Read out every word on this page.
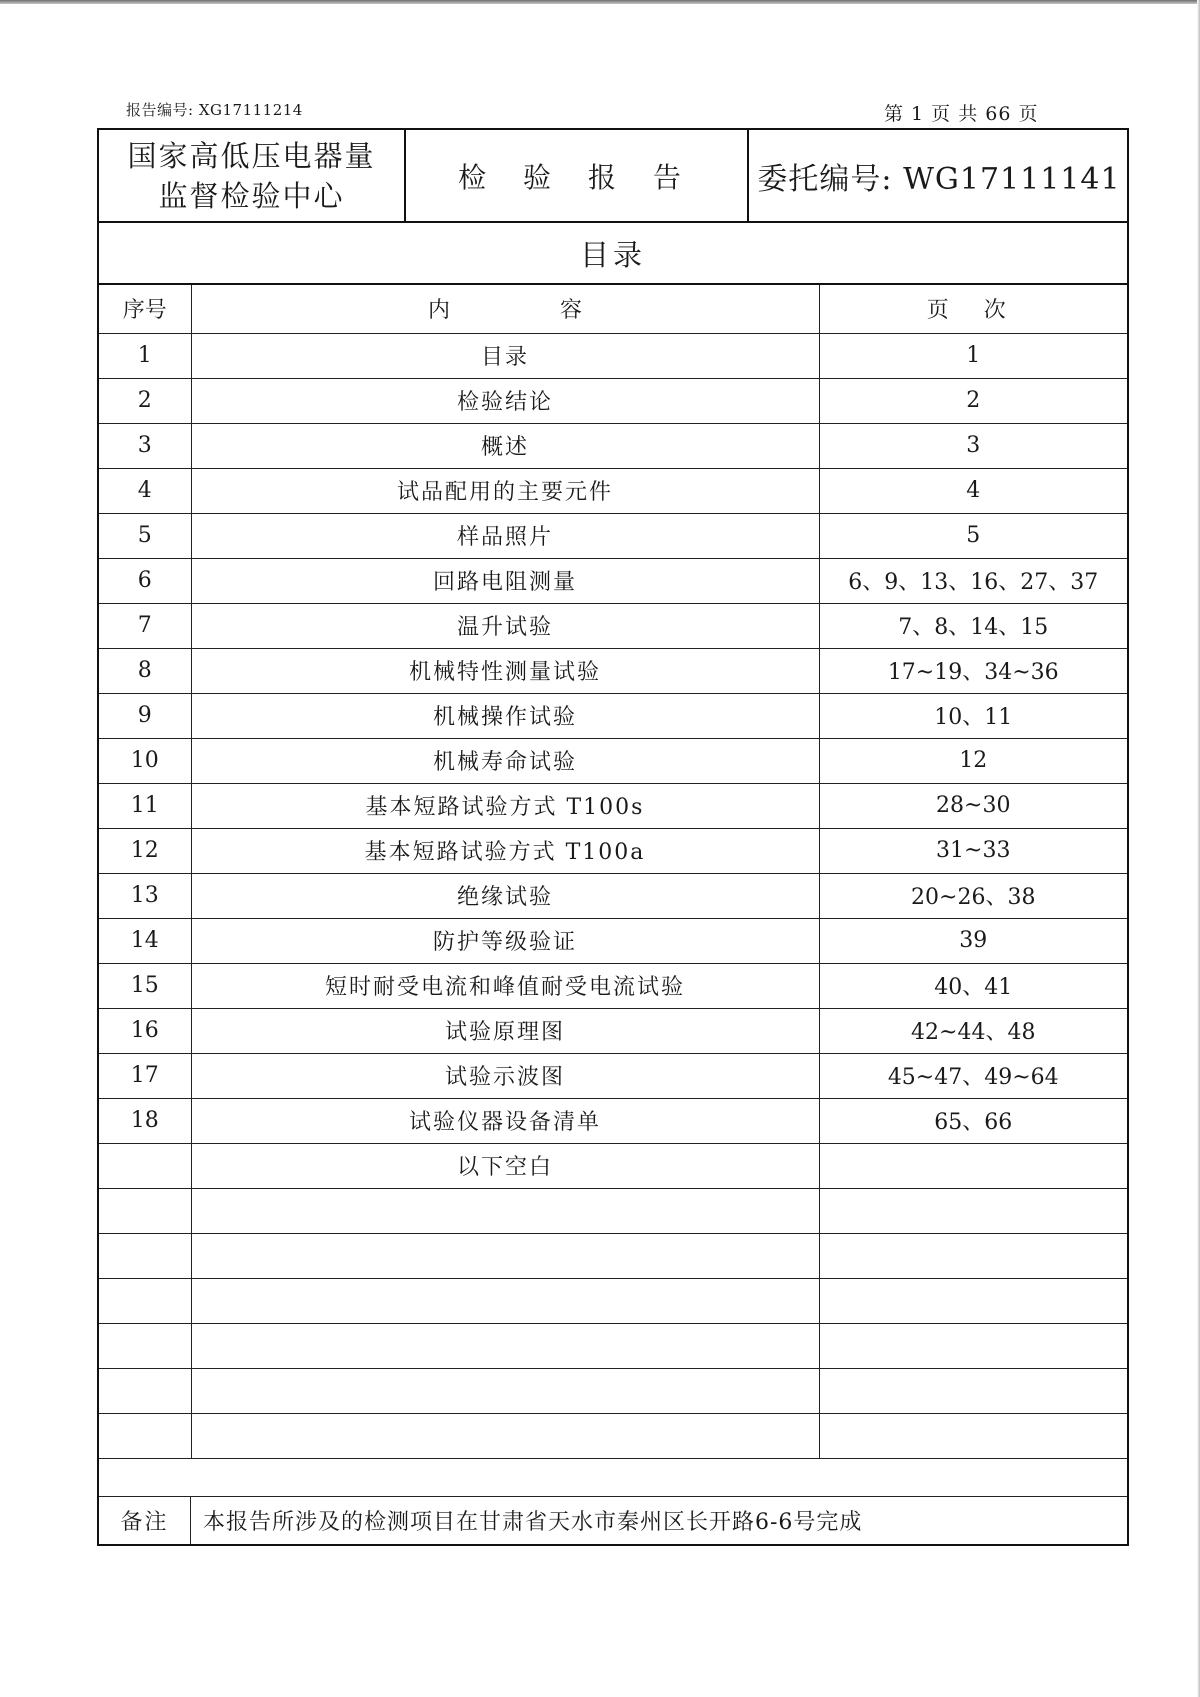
报告编号: XG17111214	第 1 页 共 66 页
国家高低压电器量
监督检验中心
检 验 报 告	委托编号: WG17111141
目录
序号	内容	页 次
1	目录	1
2	检验结论	2
3	概述	3
4	试品配用的主要元件	4
5	样品照片	5
6	回路电阻测量	6、9、13、16、27、37
7	温升试验	7、8、14、15
8	机械特性测量试验	17~19、34~36
9	机械操作试验	10、11
10	机械寿命试验	12
11	基本短路试验方式 T100s	28~30
12	基本短路试验方式 T100a	31~33
13	绝缘试验	20~26、38
14	防护等级验证	39
15	短时耐受电流和峰值耐受电流试验	40、41
16	试验原理图	42~44、48
17	试验示波图	45~47、49~64
18	试验仪器设备清单	65、66
	以下空白	

备注	本报告所涉及的检测项目在甘肃省天水市秦州区长开路6-6号完成
